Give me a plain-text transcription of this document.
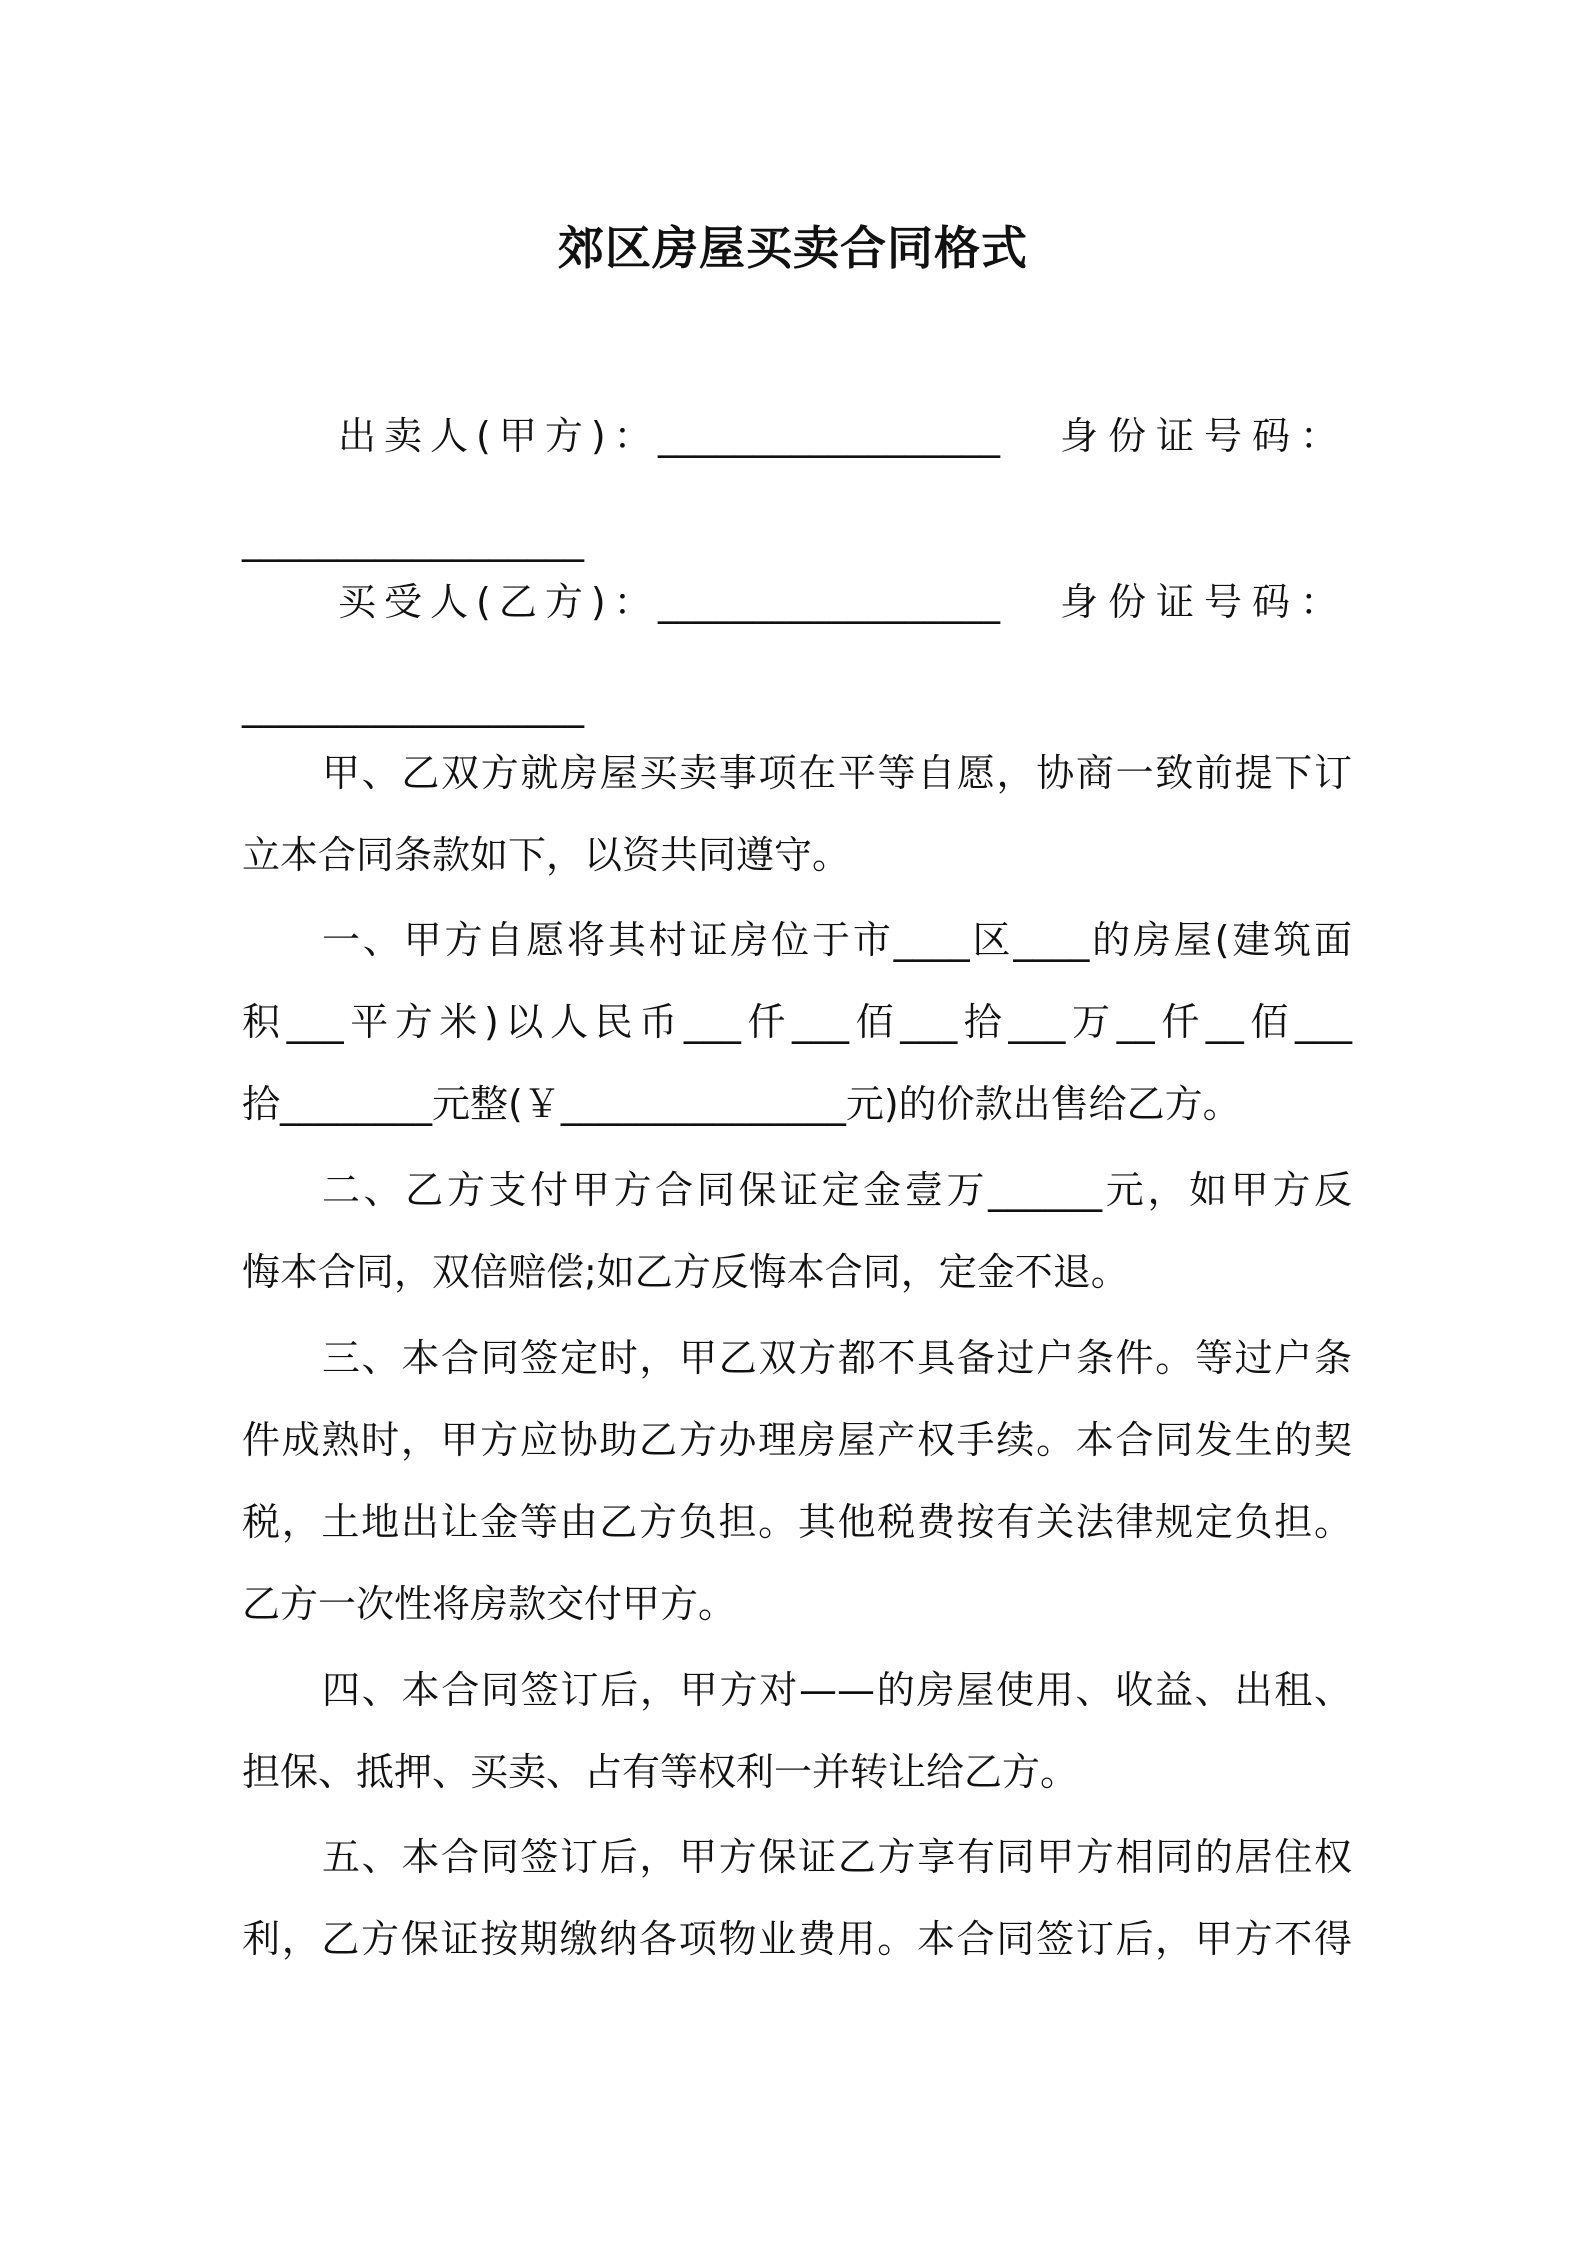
郊区房屋买卖合同格式
出卖人(甲方)：
__________________ 身份证号码：
__________________
买受人(乙方)：
__________________ 身份证号码：
__________________
甲、乙双方就房屋买卖事项在平等自愿，协商一致前提下订
立本合同条款如下，以资共同遵守。
一、甲方自愿将其村证房位于市____区____的房屋(建筑面
积___平方米)以人民币___仟___佰___拾___万__仟__佰___
拾________元整(￥_______________元)的价款出售给乙方。
二、乙方支付甲方合同保证定金壹万______元，如甲方反
悔本合同，双倍赔偿;如乙方反悔本合同，定金不退。
三、本合同签定时，甲乙双方都不具备过户条件。等过户条
件成熟时，甲方应协助乙方办理房屋产权手续。本合同发生的契
税，土地出让金等由乙方负担。其他税费按有关法律规定负担。
乙方一次性将房款交付甲方。
四、本合同签订后，甲方对——的房屋使用、收益、出租、
担保、抵押、买卖、占有等权利一并转让给乙方。
五、本合同签订后，甲方保证乙方享有同甲方相同的居住权
利，乙方保证按期缴纳各项物业费用。本合同签订后，甲方不得
